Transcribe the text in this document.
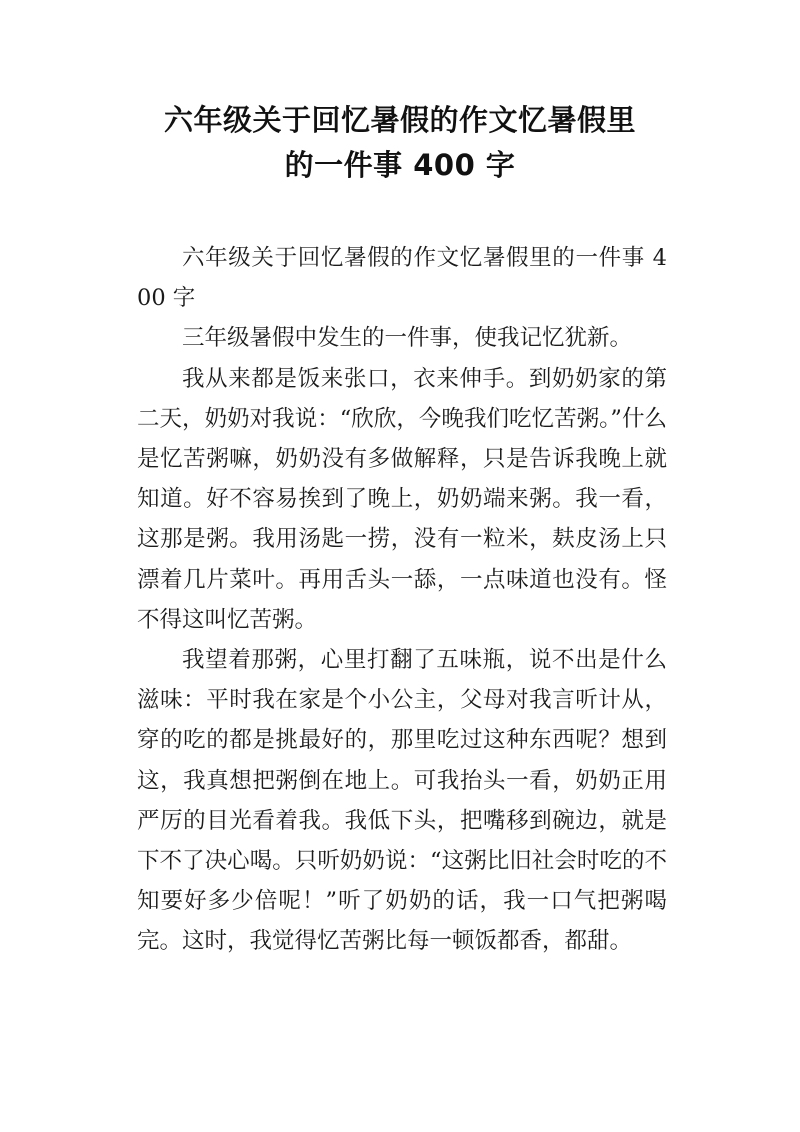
六年级关于回忆暑假的作文忆暑假里
的一件事 400 字

六年级关于回忆暑假的作文忆暑假里的一件事 400 字

三年级暑假中发生的一件事，使我记忆犹新。

我从来都是饭来张口，衣来伸手。到奶奶家的第二天，奶奶对我说：“欣欣，今晚我们吃忆苦粥。”什么是忆苦粥嘛，奶奶没有多做解释，只是告诉我晚上就知道。好不容易挨到了晚上，奶奶端来粥。我一看，这那是粥。我用汤匙一捞，没有一粒米，麸皮汤上只漂着几片菜叶。再用舌头一舔，一点味道也没有。怪不得这叫忆苦粥。

我望着那粥，心里打翻了五味瓶，说不出是什么滋味：平时我在家是个小公主，父母对我言听计从，穿的吃的都是挑最好的，那里吃过这种东西呢？想到这，我真想把粥倒在地上。可我抬头一看，奶奶正用严厉的目光看着我。我低下头，把嘴移到碗边，就是下不了决心喝。只听奶奶说：“这粥比旧社会时吃的不知要好多少倍呢！”听了奶奶的话，我一口气把粥喝完。这时，我觉得忆苦粥比每一顿饭都香，都甜。
